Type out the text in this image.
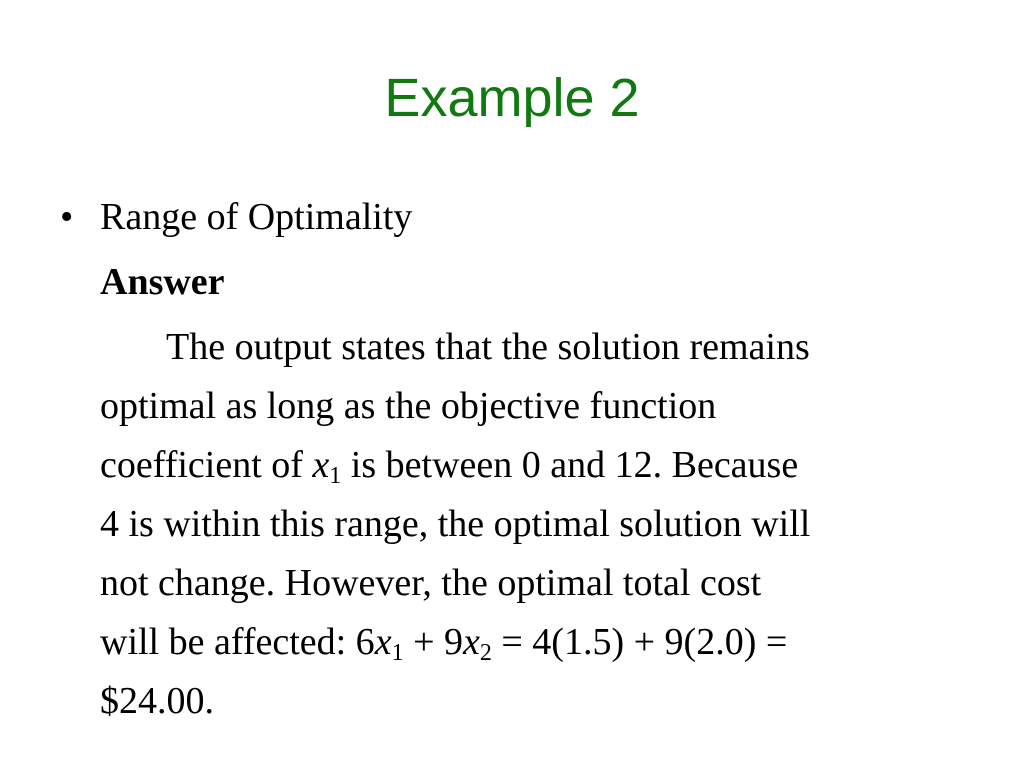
Example 2
• Range of Optimality
Answer
The output states that the solution remains
optimal as long as the objective function
coefficient of $x_1$ is between 0 and 12. Because
4 is within this range, the optimal solution will
not change. However, the optimal total cost
will be affected: $6x_1 + 9x_2 = 4(1.5) + 9(2.0)$ =
$24.00.
